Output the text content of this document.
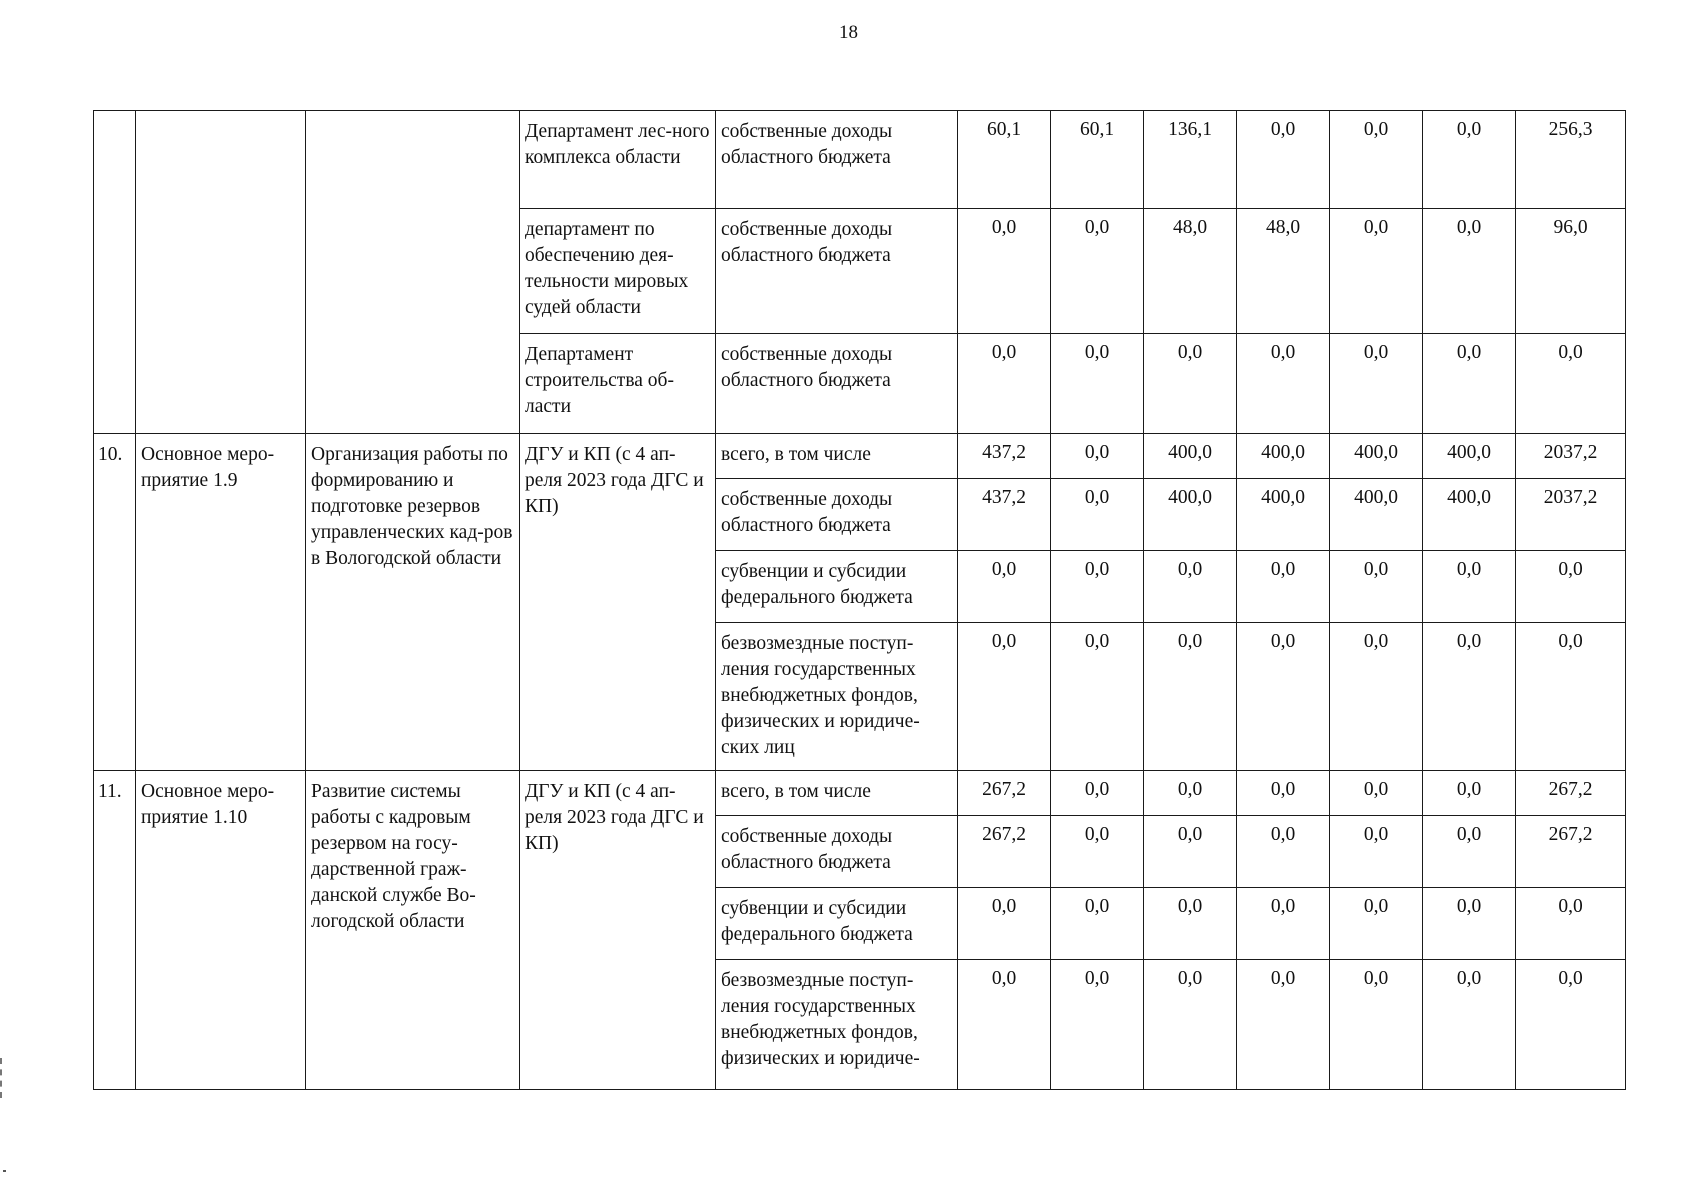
18
			Департамент лес-ного комплекса области	собственные доходы областного бюджета	60,1	60,1	136,1	0,0	0,0	0,0	256,3
			департамент по обеспечению дея-тельности мировых судей области	собственные доходы областного бюджета	0,0	0,0	48,0	48,0	0,0	0,0	96,0
			Департамент строительства об-ласти	собственные доходы областного бюджета	0,0	0,0	0,0	0,0	0,0	0,0	0,0
10.	Основное меро-приятие 1.9	Организация работы по формированию и подготовке резервов управленческих кад-ров в Вологодской области	ДГУ и КП (с 4 ап-реля 2023 года ДГС и КП)	всего, в том числе	437,2	0,0	400,0	400,0	400,0	400,0	2037,2
				собственные доходы областного бюджета	437,2	0,0	400,0	400,0	400,0	400,0	2037,2
				субвенции и субсидии федерального бюджета	0,0	0,0	0,0	0,0	0,0	0,0	0,0
				безвозмездные поступ-ления государственных внебюджетных фондов, физических и юридиче-ских лиц	0,0	0,0	0,0	0,0	0,0	0,0	0,0
11.	Основное меро-приятие 1.10	Развитие системы работы с кадровым резервом на госу-дарственной граж-данской службе Во-логодской области	ДГУ и КП (с 4 ап-реля 2023 года ДГС и КП)	всего, в том числе	267,2	0,0	0,0	0,0	0,0	0,0	267,2
				собственные доходы областного бюджета	267,2	0,0	0,0	0,0	0,0	0,0	267,2
				субвенции и субсидии федерального бюджета	0,0	0,0	0,0	0,0	0,0	0,0	0,0
				безвозмездные поступ-ления государственных внебюджетных фондов, физических и юридиче-	0,0	0,0	0,0	0,0	0,0	0,0	0,0
